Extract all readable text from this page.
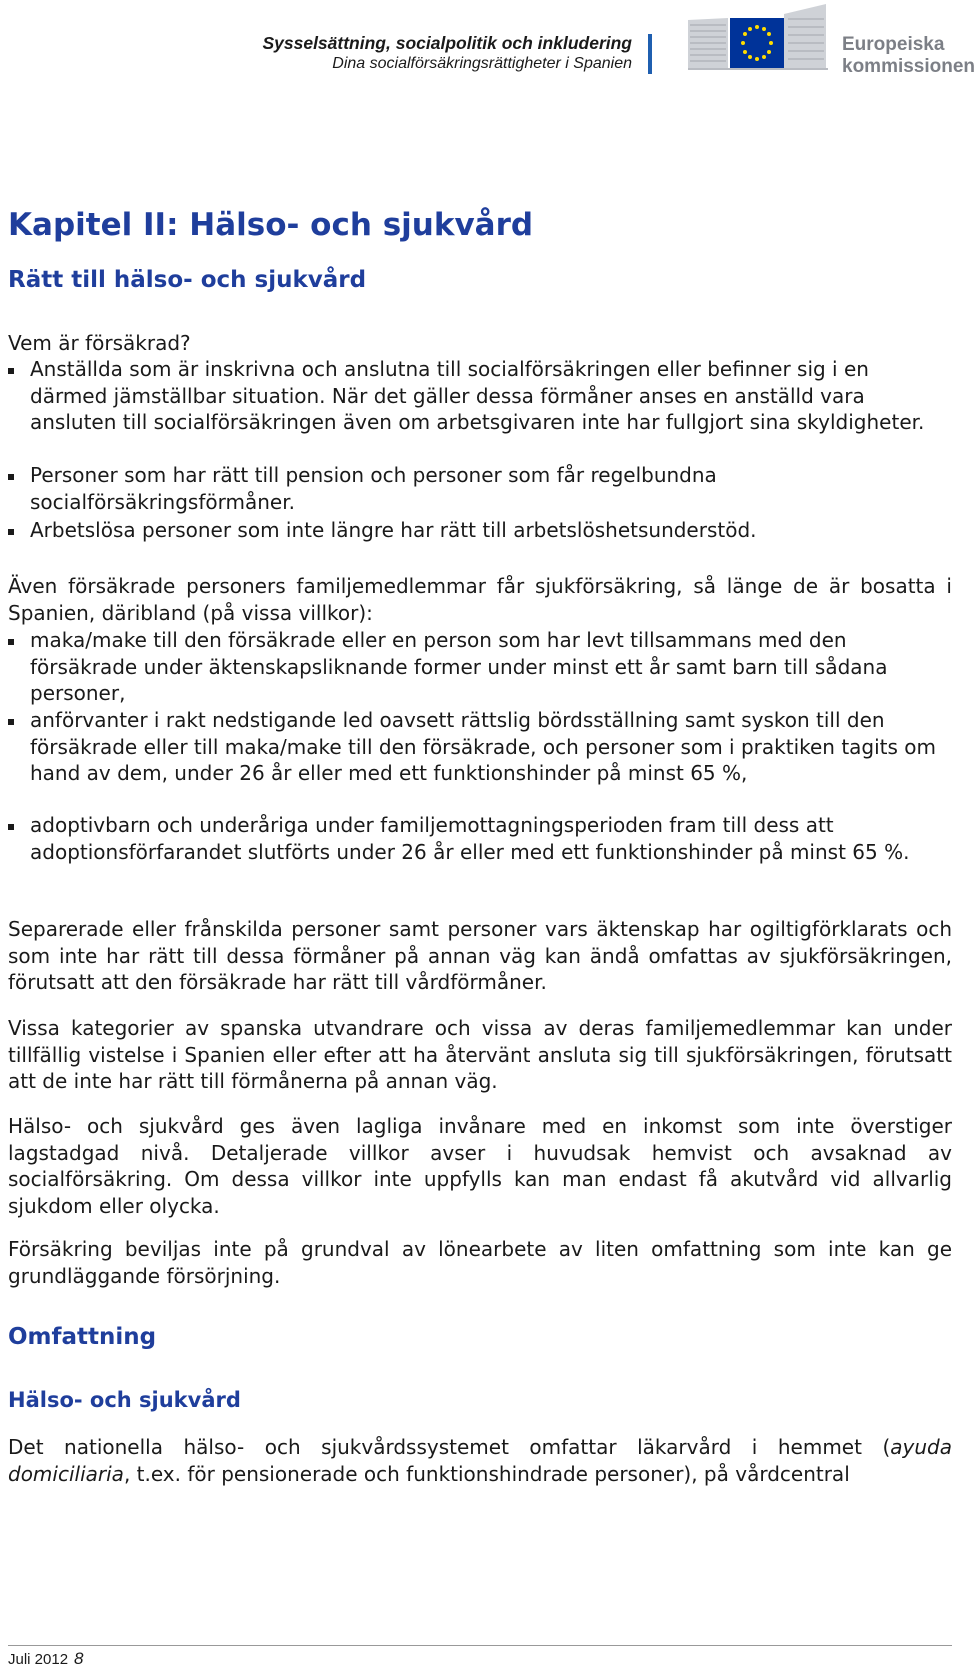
Sysselsättning, socialpolitik och inkludering
Dina socialförsäkringsrättigheter i Spanien
Europeiska
kommissionen
Kapitel II: Hälso- och sjukvård
Rätt till hälso- och sjukvård

Vem är försäkrad?

Anställda som är inskrivna och anslutna till socialförsäkringen eller befinner sig i en därmed jämställbar situation. När det gäller dessa förmåner anses en anställd vara ansluten till socialförsäkringen även om arbetsgivaren inte har fullgjort sina skyldigheter.

Personer som har rätt till pension och personer som får regelbundna socialförsäkringsförmåner.

Arbetslösa personer som inte längre har rätt till arbetslöshetsunderstöd.

Även försäkrade personers familjemedlemmar får sjukförsäkring, så länge de är bosatta i Spanien, däribland (på vissa villkor):

maka/make till den försäkrade eller en person som har levt tillsammans med den försäkrade under äktenskapsliknande former under minst ett år samt barn till sådana personer,

anförvanter i rakt nedstigande led oavsett rättslig bördsställning samt syskon till den försäkrade eller till maka/make till den försäkrade, och personer som i praktiken tagits om hand av dem, under 26 år eller med ett funktionshinder på minst 65 %,

adoptivbarn och underåriga under familjemottagningsperioden fram till dess att adoptionsförfarandet slutförts under 26 år eller med ett funktionshinder på minst 65 %.

Separerade eller frånskilda personer samt personer vars äktenskap har ogiltigförklarats och som inte har rätt till dessa förmåner på annan väg kan ändå omfattas av sjukförsäkringen, förutsatt att den försäkrade har rätt till vårdförmåner.

Vissa kategorier av spanska utvandrare och vissa av deras familjemedlemmar kan under tillfällig vistelse i Spanien eller efter att ha återvänt ansluta sig till sjukförsäkringen, förutsatt att de inte har rätt till förmånerna på annan väg.

Hälso- och sjukvård ges även lagliga invånare med en inkomst som inte överstiger lagstadgad nivå. Detaljerade villkor avser i huvudsak hemvist och avsaknad av socialförsäkring. Om dessa villkor inte uppfylls kan man endast få akutvård vid allvarlig sjukdom eller olycka.

Försäkring beviljas inte på grundval av lönearbete av liten omfattning som inte kan ge grundläggande försörjning.

Omfattning
Hälso- och sjukvård

Det nationella hälso- och sjukvårdssystemet omfattar läkarvård i hemmet (ayuda domiciliaria, t.ex. för pensionerade och funktionshindrade personer), på vårdcentral

Juli 2012 8
